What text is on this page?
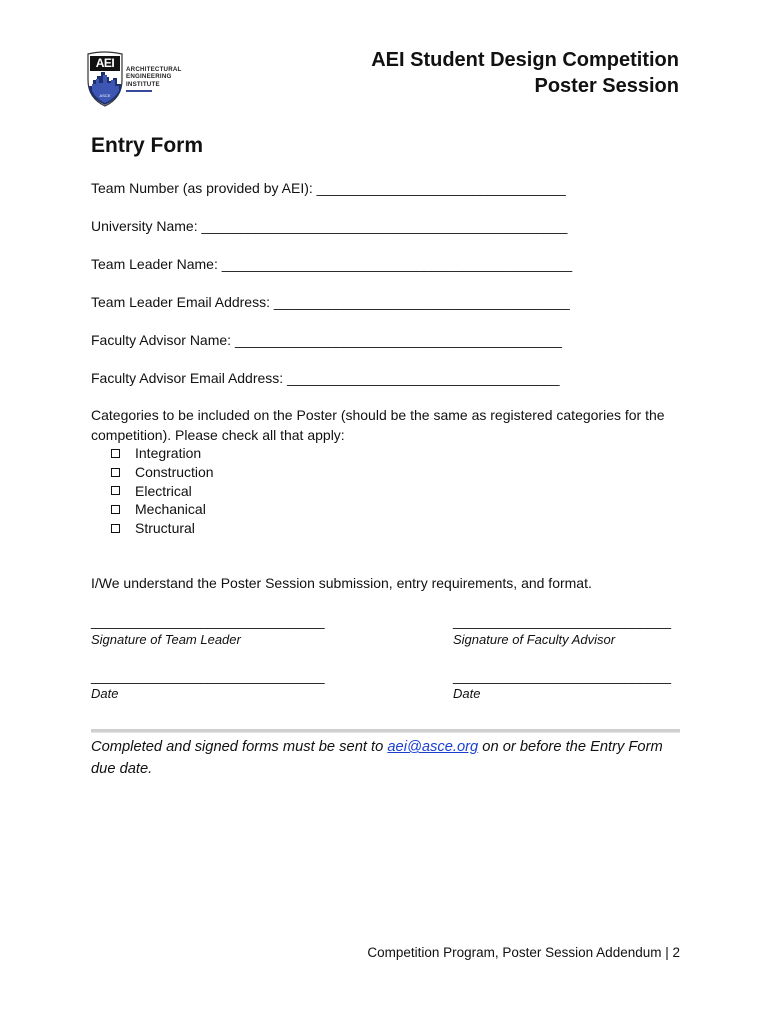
AEI
ASCE
ARCHITECTURAL
ENGINEERING
INSTITUTE
AEI Student Design Competition
Poster Session
Entry Form
Team Number (as provided by AEI): ________________________________
University Name: _______________________________________________
Team Leader Name: _____________________________________________
Team Leader Email Address: ______________________________________
Faculty Advisor Name: __________________________________________
Faculty Advisor Email Address: ___________________________________
Categories to be included on the Poster (should be the same as registered categories for the competition). Please check all that apply:
Integration
Construction
Electrical
Mechanical
Structural
I/We understand the Poster Session submission, entry requirements, and format.
______________________________
Signature of Team Leader
____________________________
Signature of Faculty Advisor
______________________________
Date
____________________________
Date
Completed and signed forms must be sent to aei@asce.org on or before the Entry Form due date.
Competition Program, Poster Session Addendum | 2
